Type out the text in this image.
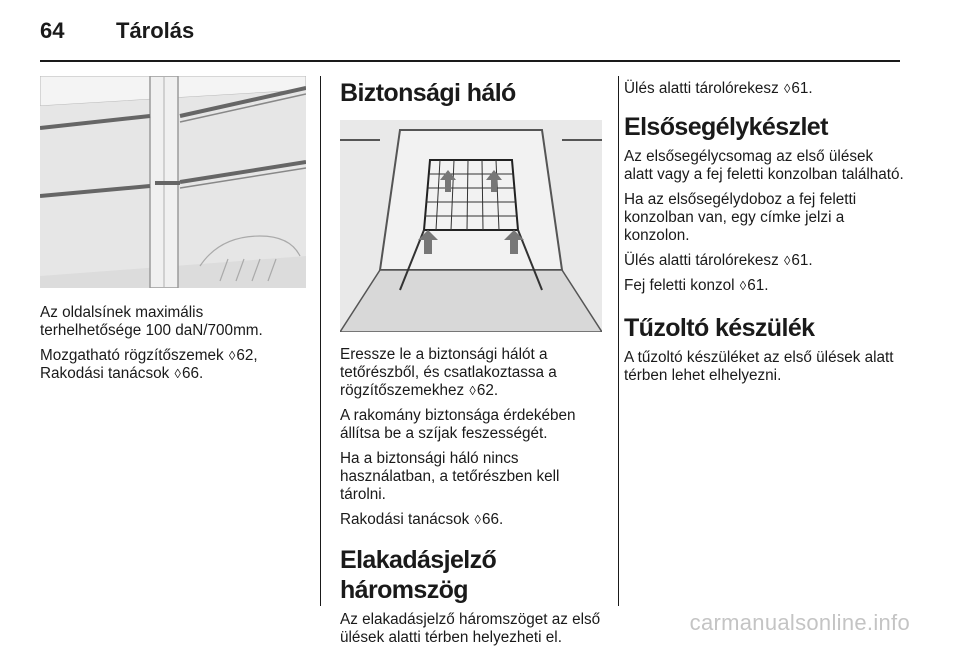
64 Tárolás

Az oldalsínek maximális terhelhetősége 100 daN/700mm.

Mozgatható rögzítőszemek ◊62,
Rakodási tanácsok ◊66.

Biztonsági háló

Eressze le a biztonsági hálót a tetőrészből, és csatlakoztassa a rögzítőszemekhez ◊62.

A rakomány biztonsága érdekében állítsa be a szíjak feszességét.

Ha a biztonsági háló nincs használatban, a tetőrészben kell tárolni.

Rakodási tanácsok ◊66.

Elakadásjelző háromszög

Az elakadásjelző háromszöget az első ülések alatti térben helyezheti el.

Ülés alatti tárolórekesz ◊61.

Elsősegélykészlet

Az elsősegélycsomag az első ülések alatt vagy a fej feletti konzolban található.

Ha az elsősegélydoboz a fej feletti konzolban van, egy címke jelzi a konzolon.

Ülés alatti tárolórekesz ◊61.

Fej feletti konzol ◊61.

Tűzoltó készülék

A tűzoltó készüléket az első ülések alatt térben lehet elhelyezni.

carmanualsonline.info
